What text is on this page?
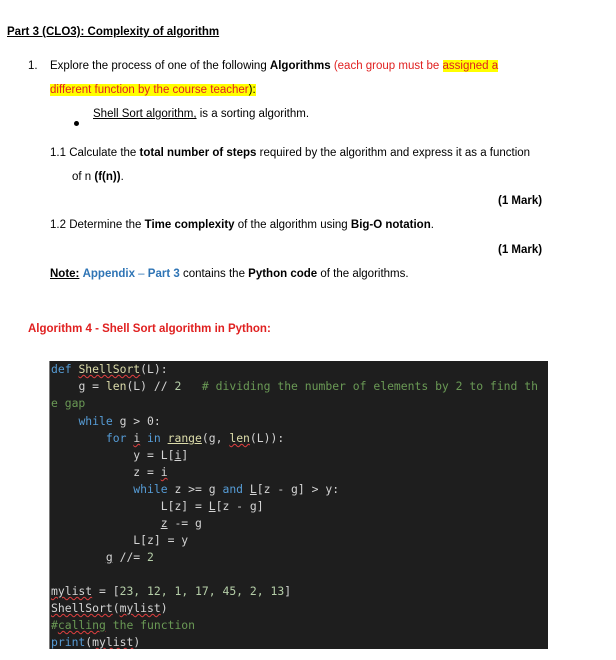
Part 3 (CLO3): Complexity of algorithm
1. Explore the process of one of the following Algorithms (each group must be assigned a
different function by the course teacher):
Shell Sort algorithm, is a sorting algorithm.
1.1 Calculate the total number of steps required by the algorithm and express it as a function
of n (f(n)).
(1 Mark)
1.2 Determine the Time complexity of the algorithm using Big-O notation.
(1 Mark)
Note: Appendix – Part 3 contains the Python code of the algorithms.
Algorithm 4 - Shell Sort algorithm in Python:
def ShellSort(L):
g = len(L) // 2 # dividing the number of elements by 2 to find th
e gap
while g > 0:
for i in range(g, len(L)):
y = L[i]
z = i
while z >= g and L[z - g] > y:
L[z] = L[z - g]
z -= g
L[z] = y
g //= 2
mylist = [23, 12, 1, 17, 45, 2, 13]
ShellSort(mylist)
#calling the function
print(mylist)
